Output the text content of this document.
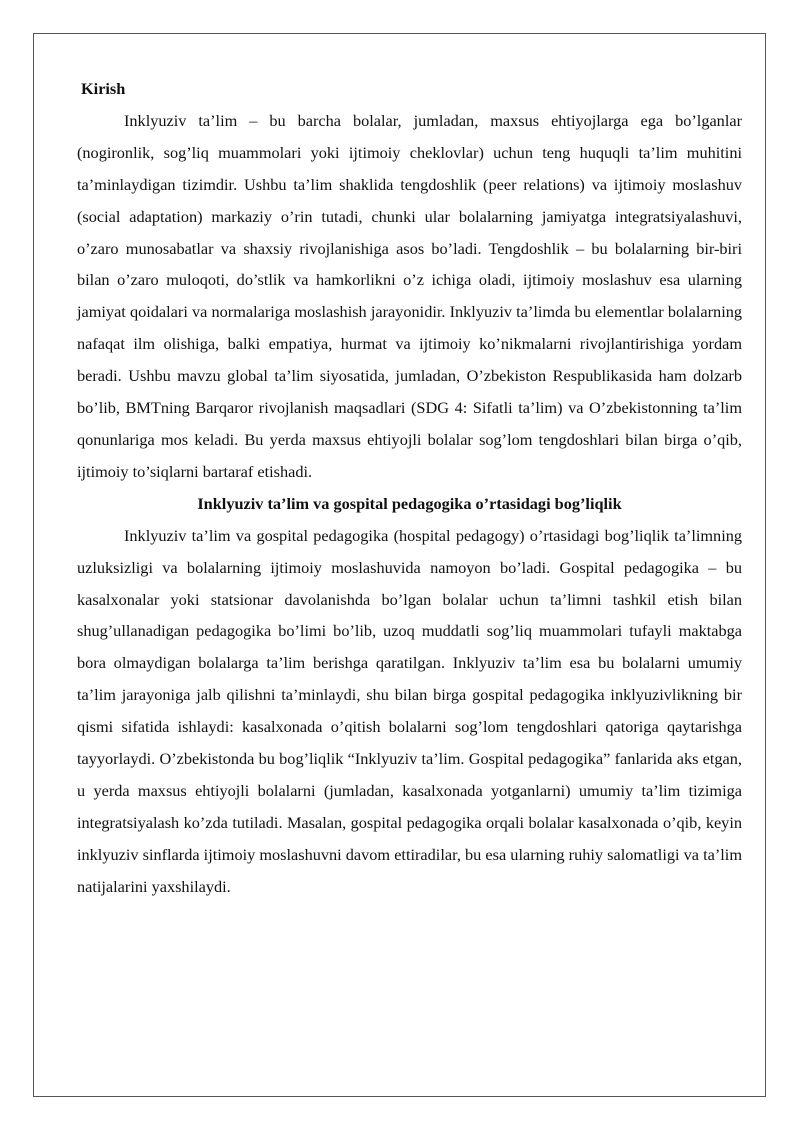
Kirish

Inklyuziv ta’lim – bu barcha bolalar, jumladan, maxsus ehtiyojlarga ega bo’lganlar (nogironlik, sog’liq muammolari yoki ijtimoiy cheklovlar) uchun teng huquqli ta’lim muhitini ta’minlaydigan tizimdir. Ushbu ta’lim shaklida tengdoshlik (peer relations) va ijtimoiy moslashuv (social adaptation) markaziy o’rin tutadi, chunki ular bolalarning jamiyatga integratsiyalashuvi, o’zaro munosabatlar va shaxsiy rivojlanishiga asos bo’ladi. Tengdoshlik – bu bolalarning bir-biri bilan o’zaro muloqoti, do’stlik va hamkorlikni o’z ichiga oladi, ijtimoiy moslashuv esa ularning jamiyat qoidalari va normalariga moslashish jarayonidir. Inklyuziv ta’limda bu elementlar bolalarning nafaqat ilm olishiga, balki empatiya, hurmat va ijtimoiy ko’nikmalarni rivojlantirishiga yordam beradi. Ushbu mavzu global ta’lim siyosatida, jumladan, O’zbekiston Respublikasida ham dolzarb bo’lib, BMTning Barqaror rivojlanish maqsadlari (SDG 4: Sifatli ta’lim) va O’zbekistonning ta’lim qonunlariga mos keladi. Bu yerda maxsus ehtiyojli bolalar sog’lom tengdoshlari bilan birga o’qib, ijtimoiy to’siqlarni bartaraf etishadi.

Inklyuziv ta’lim va gospital pedagogika o’rtasidagi bog’liqlik

Inklyuziv ta’lim va gospital pedagogika (hospital pedagogy) o’rtasidagi bog’liqlik ta’limning uzluksizligi va bolalarning ijtimoiy moslashuvida namoyon bo’ladi. Gospital pedagogika – bu kasalxonalar yoki statsionar davolanishda bo’lgan bolalar uchun ta’limni tashkil etish bilan shug’ullanadigan pedagogika bo’limi bo’lib, uzoq muddatli sog’liq muammolari tufayli maktabga bora olmaydigan bolalarga ta’lim berishga qaratilgan. Inklyuziv ta’lim esa bu bolalarni umumiy ta’lim jarayoniga jalb qilishni ta’minlaydi, shu bilan birga gospital pedagogika inklyuzivlikning bir qismi sifatida ishlaydi: kasalxonada o’qitish bolalarni sog’lom tengdoshlari qatoriga qaytarishga tayyorlaydi. O’zbekistonda bu bog’liqlik “Inklyuziv ta’lim. Gospital pedagogika” fanlarida aks etgan, u yerda maxsus ehtiyojli bolalarni (jumladan, kasalxonada yotganlarni) umumiy ta’lim tizimiga integratsiyalash ko’zda tutiladi. Masalan, gospital pedagogika orqali bolalar kasalxonada o’qib, keyin inklyuziv sinflarda ijtimoiy moslashuvni davom ettiradilar, bu esa ularning ruhiy salomatligi va ta’lim natijalarini yaxshilaydi.
